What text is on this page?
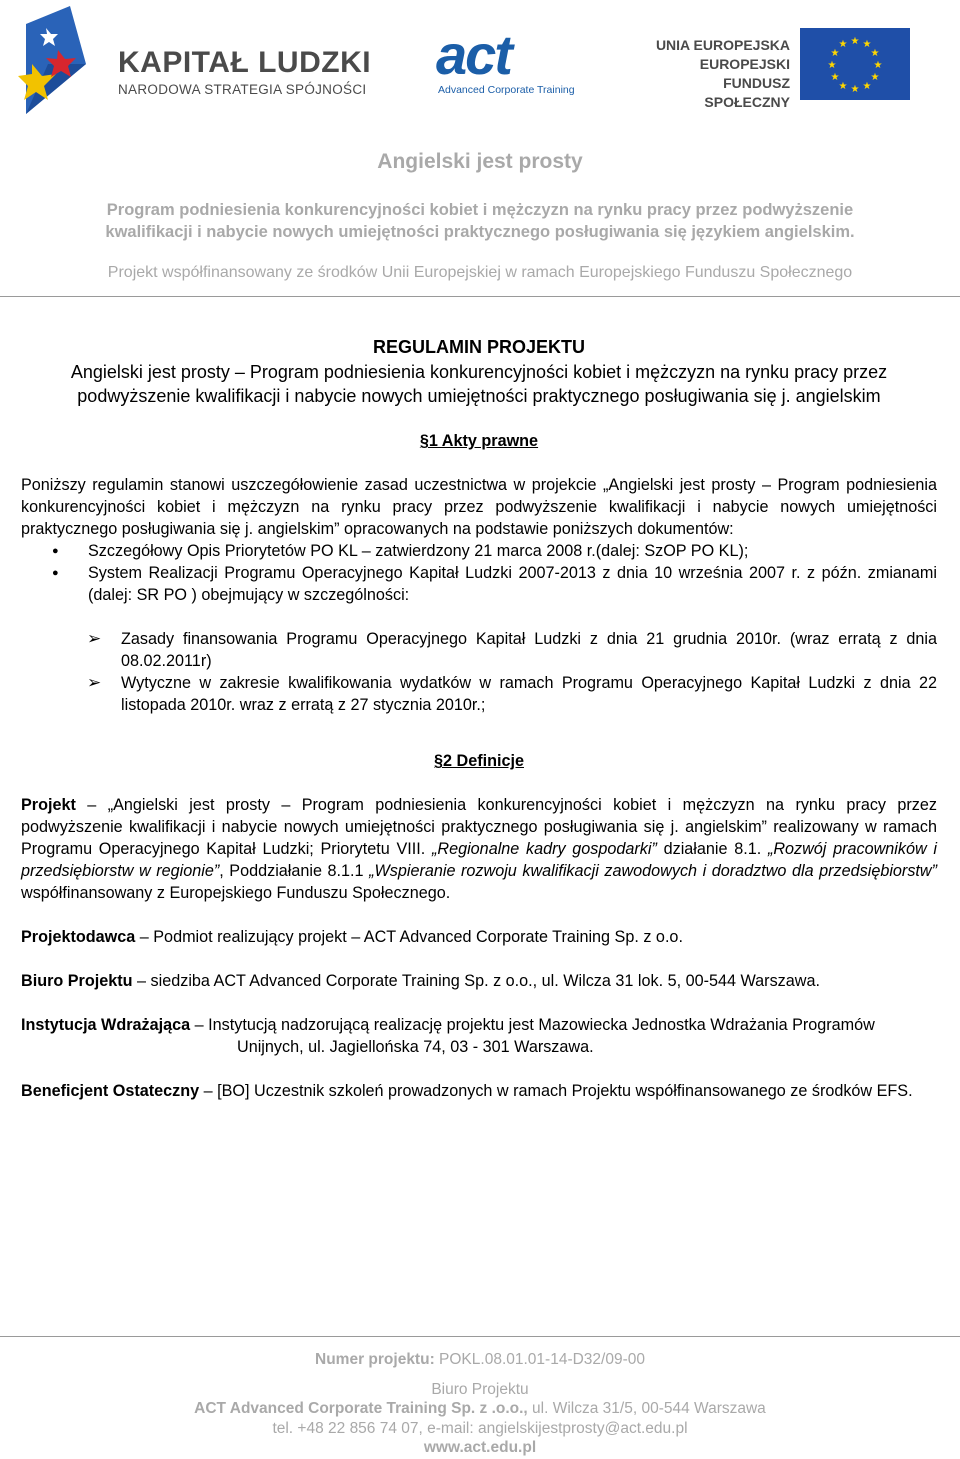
KAPITAŁ LUDZKI
NARODOWA STRATEGIA SPÓJNOŚCI
act
Advanced Corporate Training
UNIA EUROPEJSKA
EUROPEJSKI
FUNDUSZ SPOŁECZNY
★ ★
★
★
★
★
★
★
★
★
★
★
Angielski jest prosty
Program podniesienia konkurencyjności kobiet i mężczyzn na rynku pracy przez podwyższenie
kwalifikacji i nabycie nowych umiejętności praktycznego posługiwania się językiem angielskim.
Projekt współfinansowany ze środków Unii Europejskiej w ramach Europejskiego Funduszu Społecznego
REGULAMIN PROJEKTU
Angielski jest prosty – Program podniesienia konkurencyjności kobiet i mężczyzn na rynku pracy przez podwyższenie kwalifikacji i nabycie nowych umiejętności praktycznego posługiwania się j. angielskim
§1 Akty prawne

Poniższy regulamin stanowi uszczegółowienie zasad uczestnictwa w projekcie „Angielski jest prosty – Program podniesienia konkurencyjności kobiet i mężczyzn na rynku pracy przez podwyższenie kwalifikacji i nabycie nowych umiejętności praktycznego posługiwania się j. angielskim” opracowanych na podstawie poniższych dokumentów:

● Szczegółowy Opis Priorytetów PO KL – zatwierdzony 21 marca 2008 r.(dalej: SzOP PO KL);
● System Realizacji Programu Operacyjnego Kapitał Ludzki 2007-2013 z dnia 10 września 2007 r. z późn. zmianami (dalej: SR PO ) obejmujący w szczególności:
➢ Zasady finansowania Programu Operacyjnego Kapitał Ludzki z dnia 21 grudnia 2010r. (wraz erratą z dnia 08.02.2011r)
➢ Wytyczne w zakresie kwalifikowania wydatków w ramach Programu Operacyjnego Kapitał Ludzki z dnia 22 listopada 2010r. wraz z erratą z 27 stycznia 2010r.;
§2 Definicje

Projekt – „Angielski jest prosty – Program podniesienia konkurencyjności kobiet i mężczyzn na rynku pracy przez podwyższenie kwalifikacji i nabycie nowych umiejętności praktycznego posługiwania się j. angielskim” realizowany w ramach Programu Operacyjnego Kapitał Ludzki; Priorytetu VIII. „Regionalne kadry gospodarki” działanie 8.1. „Rozwój pracowników i przedsiębiorstw w regionie”, Poddziałanie 8.1.1 „Wspieranie rozwoju kwalifikacji zawodowych i doradztwo dla przedsiębiorstw” współfinansowany z Europejskiego Funduszu Społecznego.

Projektodawca – Podmiot realizujący projekt – ACT Advanced Corporate Training Sp. z o.o.

Biuro Projektu – siedziba ACT Advanced Corporate Training Sp. z o.o., ul. Wilcza 31 lok. 5, 00-544 Warszawa.

Instytucja Wdrażająca – Instytucją nadzorującą realizację projektu jest Mazowiecka Jednostka Wdrażania Programów Unijnych, ul. Jagiellońska 74, 03 - 301 Warszawa.

Beneficjent Ostateczny – [BO] Uczestnik szkoleń prowadzonych w ramach Projektu współfinansowanego ze środków EFS.

Numer projektu: POKL.08.01.01-14-D32/09-00
Biuro Projektu
ACT Advanced Corporate Training Sp. z .o.o., ul. Wilcza 31/5, 00-544 Warszawa
tel. +48 22 856 74 07, e-mail: angielskijestprosty@act.edu.pl
www.act.edu.pl
